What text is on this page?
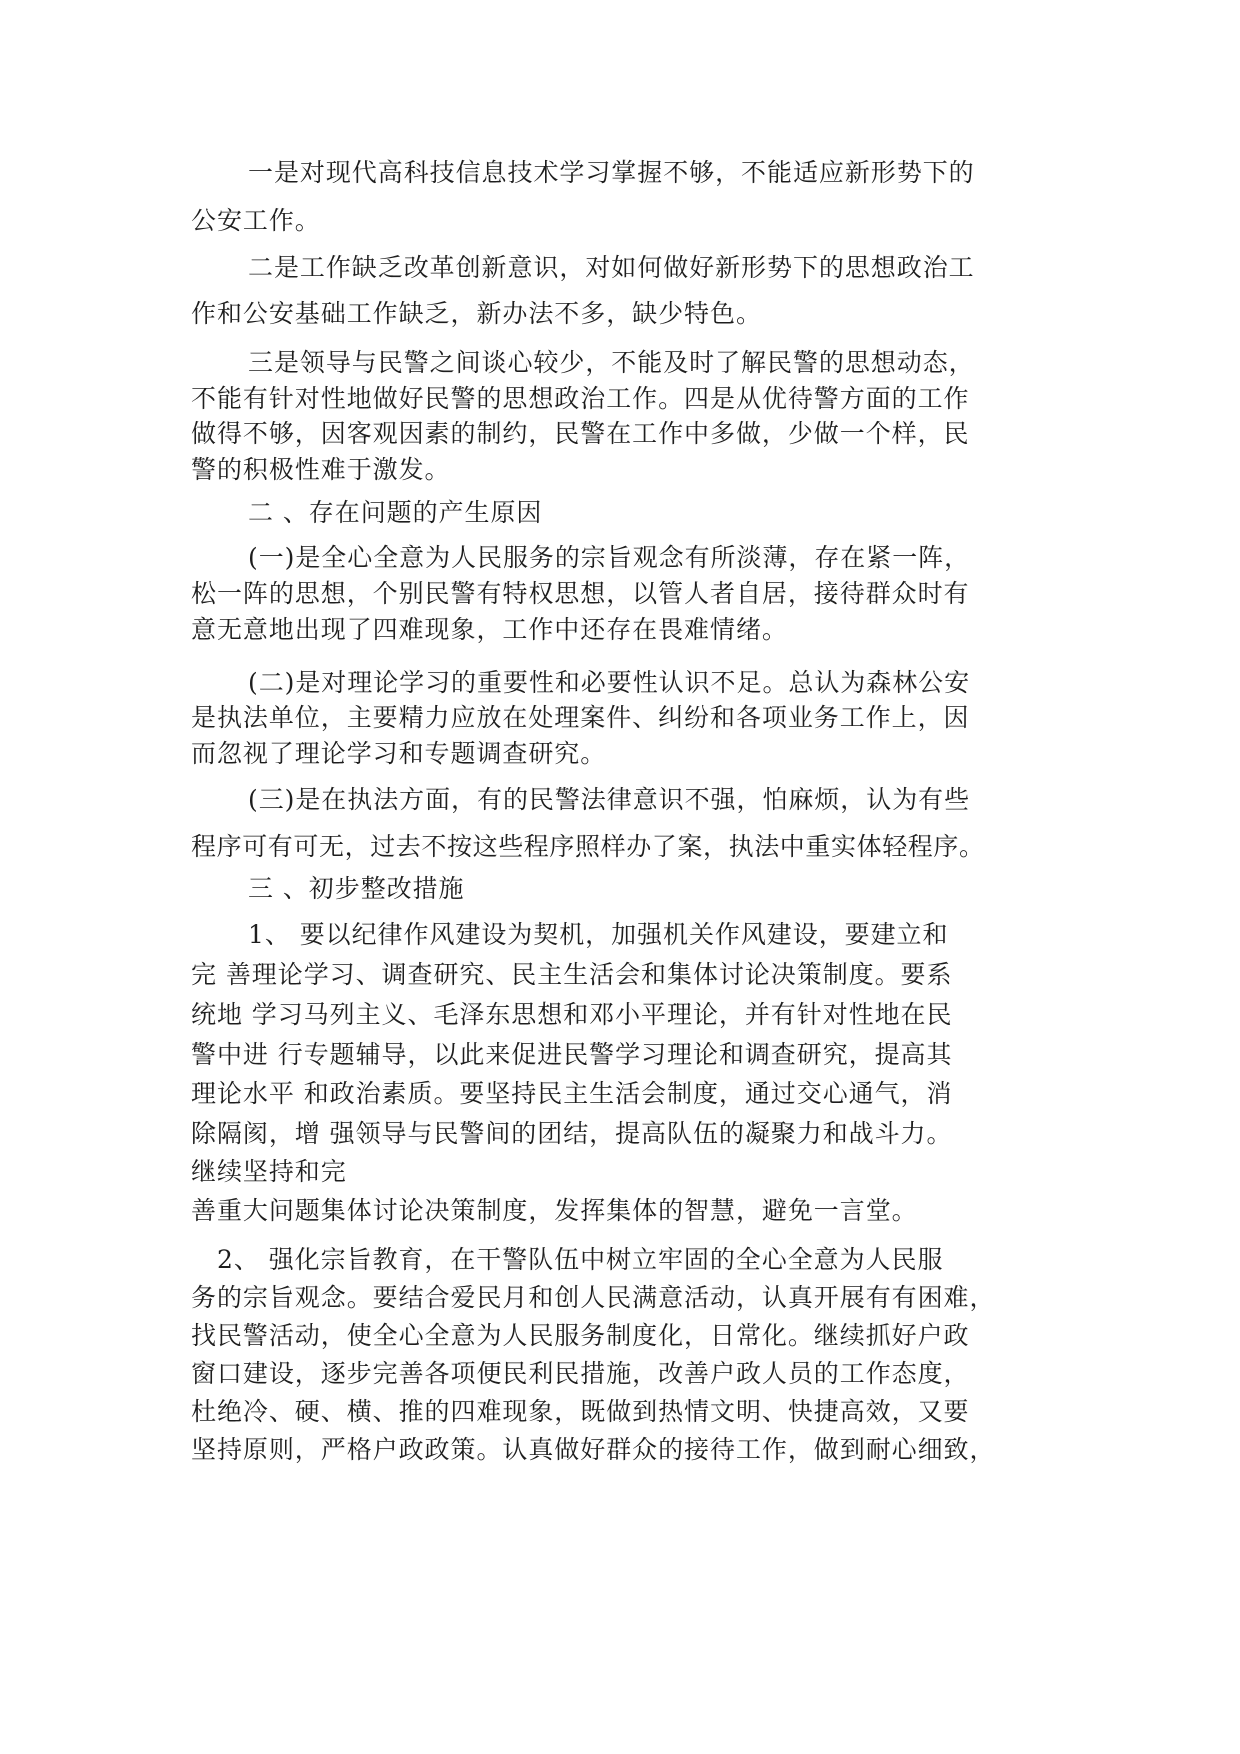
一是对现代高科技信息技术学习掌握不够，不能适应新形势下的
公安工作。
二是工作缺乏改革创新意识，对如何做好新形势下的思想政治工
作和公安基础工作缺乏，新办法不多，缺少特色。
三是领导与民警之间谈心较少，不能及时了解民警的思想动态，
不能有针对性地做好民警的思想政治工作。四是从优待警方面的工作
做得不够，因客观因素的制约，民警在工作中多做，少做一个样，民
警的积极性难于激发。
二 、存在问题的产生原因
(一)是全心全意为人民服务的宗旨观念有所淡薄，存在紧一阵，
松一阵的思想，个别民警有特权思想，以管人者自居，接待群众时有
意无意地出现了四难现象，工作中还存在畏难情绪。
(二)是对理论学习的重要性和必要性认识不足。总认为森林公安
是执法单位，主要精力应放在处理案件、纠纷和各项业务工作上，因
而忽视了理论学习和专题调查研究。
(三)是在执法方面，有的民警法律意识不强，怕麻烦，认为有些
程序可有可无，过去不按这些程序照样办了案，执法中重实体轻程序。
三 、初步整改措施
1、 要以纪律作风建设为契机，加强机关作风建设，要建立和
完 善理论学习、调查研究、民主生活会和集体讨论决策制度。要系
统地 学习马列主义、毛泽东思想和邓小平理论，并有针对性地在民
警中进 行专题辅导，以此来促进民警学习理论和调查研究，提高其
理论水平 和政治素质。要坚持民主生活会制度，通过交心通气，消
除隔阂，增 强领导与民警间的团结，提高队伍的凝聚力和战斗力。
继续坚持和完
善重大问题集体讨论决策制度，发挥集体的智慧，避免一言堂。
2、 强化宗旨教育，在干警队伍中树立牢固的全心全意为人民服
务的宗旨观念。要结合爱民月和创人民满意活动，认真开展有有困难，
找民警活动，使全心全意为人民服务制度化，日常化。继续抓好户政
窗口建设，逐步完善各项便民利民措施，改善户政人员的工作态度，
杜绝冷、硬、横、推的四难现象，既做到热情文明、快捷高效，又要
坚持原则，严格户政政策。认真做好群众的接待工作，做到耐心细致，
